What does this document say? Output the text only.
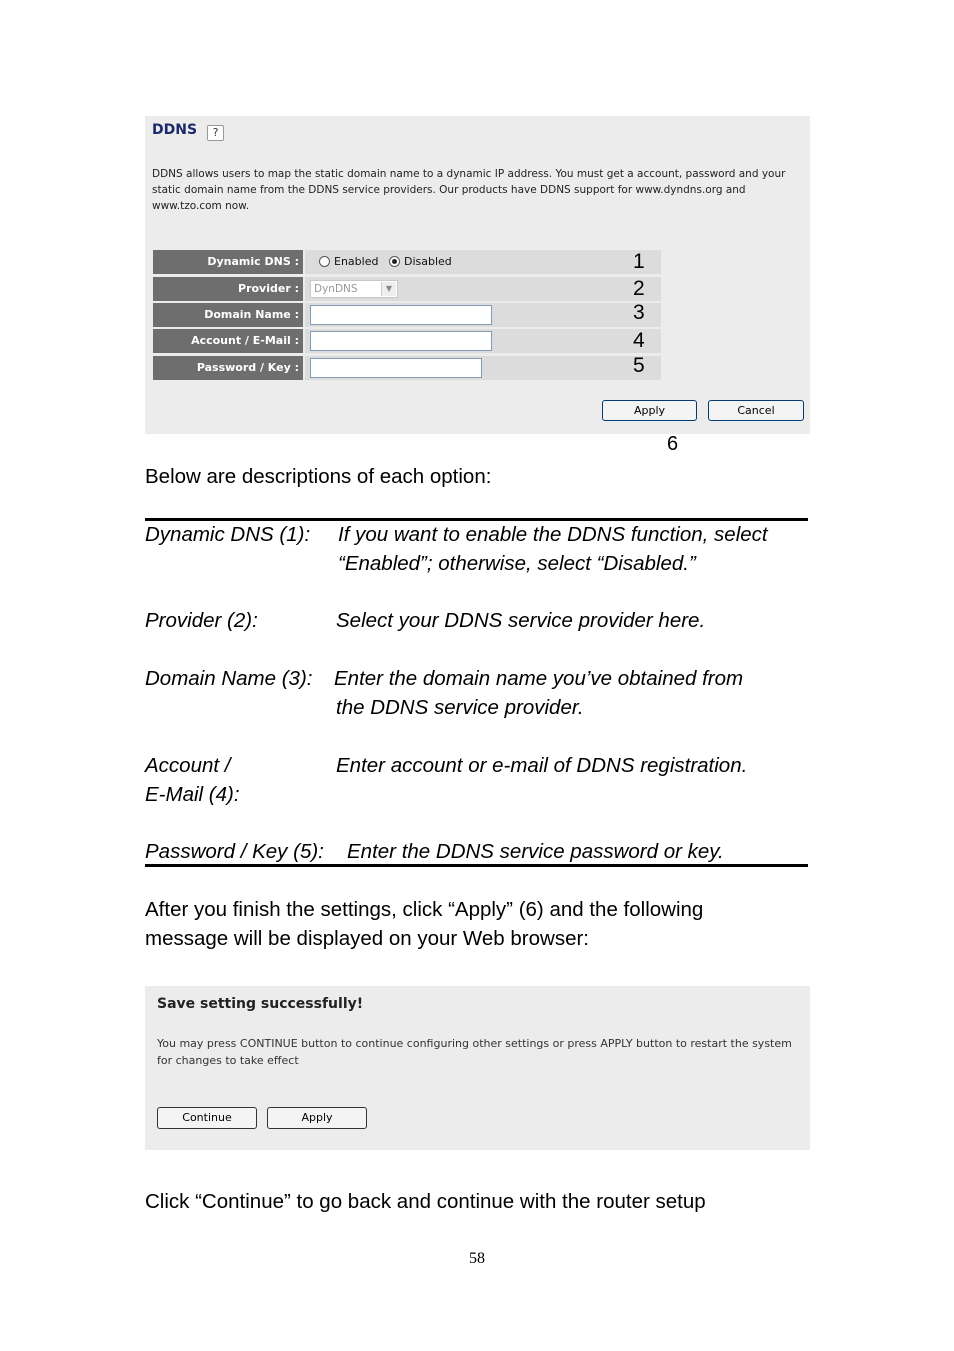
DDNS	?
DDNS allows users to map the static domain name to a dynamic IP address. You must get a account, password and your static domain name from the DDNS service providers. Our products have DDNS support for www.dyndns.org and www.tzo.com now.
Dynamic DNS :	Enabled Disabled	1
Provider :	DynDNS	▼	2
Domain Name :	3
Account / E-Mail :	4
Password / Key :	5
Apply	Cancel
6
Below are descriptions of each option:
Dynamic DNS (1): If you want to enable the DDNS function, select
“Enabled”; otherwise, select “Disabled.”
Provider (2):	Select your DDNS service provider here.
Domain Name (3): Enter the domain name you’ve obtained from
the DDNS service provider.
Account /
E-Mail (4):
Enter account or e-mail of DDNS registration.
Password / Key (5): Enter the DDNS service password or key.
After you finish the settings, click “Apply” (6) and the following
message will be displayed on your Web browser:
Save setting successfully!
You may press CONTINUE button to continue configuring other settings or press APPLY button to restart the system for changes to take effect
Continue	Apply
Click “Continue” to go back and continue with the router setup
58
